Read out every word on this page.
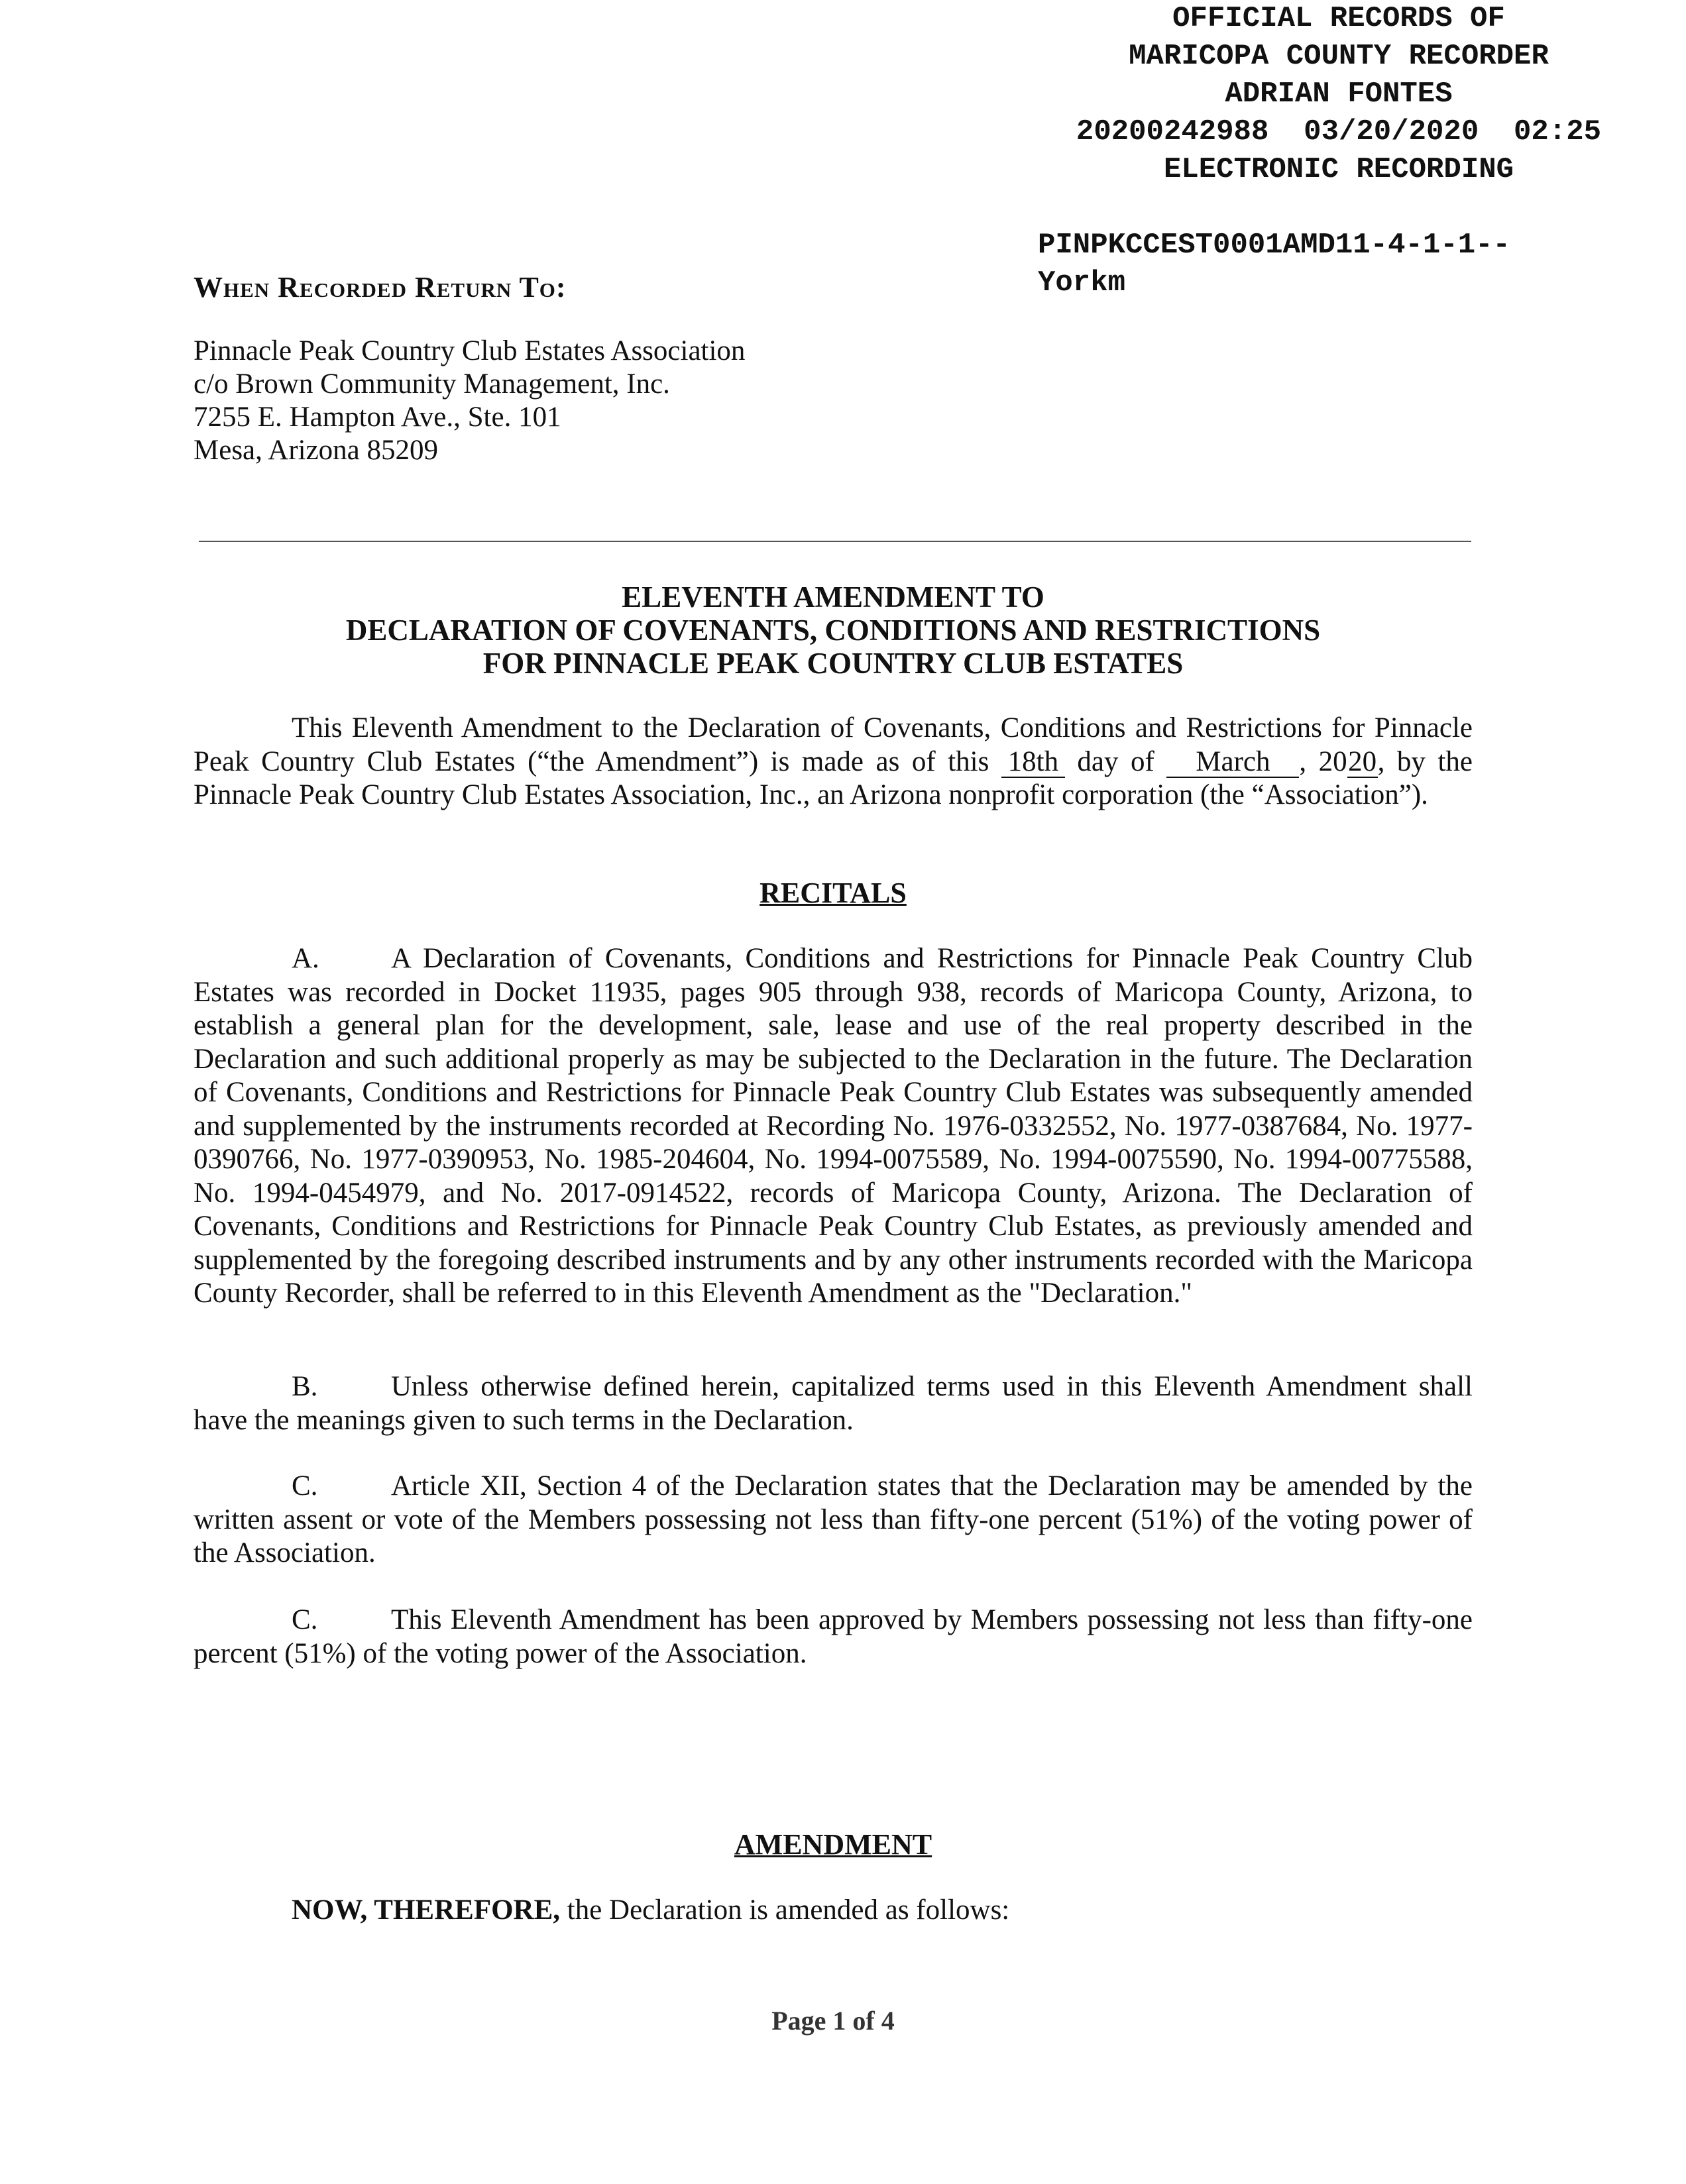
OFFICIAL RECORDS OF
MARICOPA COUNTY RECORDER
ADRIAN FONTES
20200242988  03/20/2020  02:25
ELECTRONIC RECORDING
PINPKCCEST0001AMD11-4-1-1--
Yorkm
When Recorded Return To:
Pinnacle Peak Country Club Estates Association
c/o Brown Community Management, Inc.
7255 E. Hampton Ave., Ste. 101
Mesa, Arizona 85209
ELEVENTH AMENDMENT TO
DECLARATION OF COVENANTS, CONDITIONS AND RESTRICTIONS
FOR PINNACLE PEAK COUNTRY CLUB ESTATES
This Eleventh Amendment to the Declaration of Covenants, Conditions and Restrictions for Pinnacle Peak Country Club Estates (“the Amendment”) is made as of this 18th day of March , 2020, by the Pinnacle Peak Country Club Estates Association, Inc., an Arizona nonprofit corporation (the “Association”).
RECITALS
A.	A Declaration of Covenants, Conditions and Restrictions for Pinnacle Peak Country Club Estates was recorded in Docket 11935, pages 905 through 938, records of Maricopa County, Arizona, to establish a general plan for the development, sale, lease and use of the real property described in the Declaration and such additional properly as may be subjected to the Declaration in the future. The Declaration of Covenants, Conditions and Restrictions for Pinnacle Peak Country Club Estates was subsequently amended and supplemented by the instruments recorded at Recording No. 1976-0332552, No. 1977-0387684, No. 1977-0390766, No. 1977-0390953, No. 1985-204604, No. 1994-0075589, No. 1994-0075590, No. 1994-00775588, No. 1994-0454979, and No. 2017-0914522, records of Maricopa County, Arizona. The Declaration of Covenants, Conditions and Restrictions for Pinnacle Peak Country Club Estates, as previously amended and supplemented by the foregoing described instruments and by any other instruments recorded with the Maricopa County Recorder, shall be referred to in this Eleventh Amendment as the "Declaration."
B.	Unless otherwise defined herein, capitalized terms used in this Eleventh Amendment shall have the meanings given to such terms in the Declaration.
C.	Article XII, Section 4 of the Declaration states that the Declaration may be amended by the written assent or vote of the Members possessing not less than fifty-one percent (51%) of the voting power of the Association.
C.	This Eleventh Amendment has been approved by Members possessing not less than fifty-one percent (51%) of the voting power of the Association.
AMENDMENT
NOW, THEREFORE, the Declaration is amended as follows:
Page 1 of 4
